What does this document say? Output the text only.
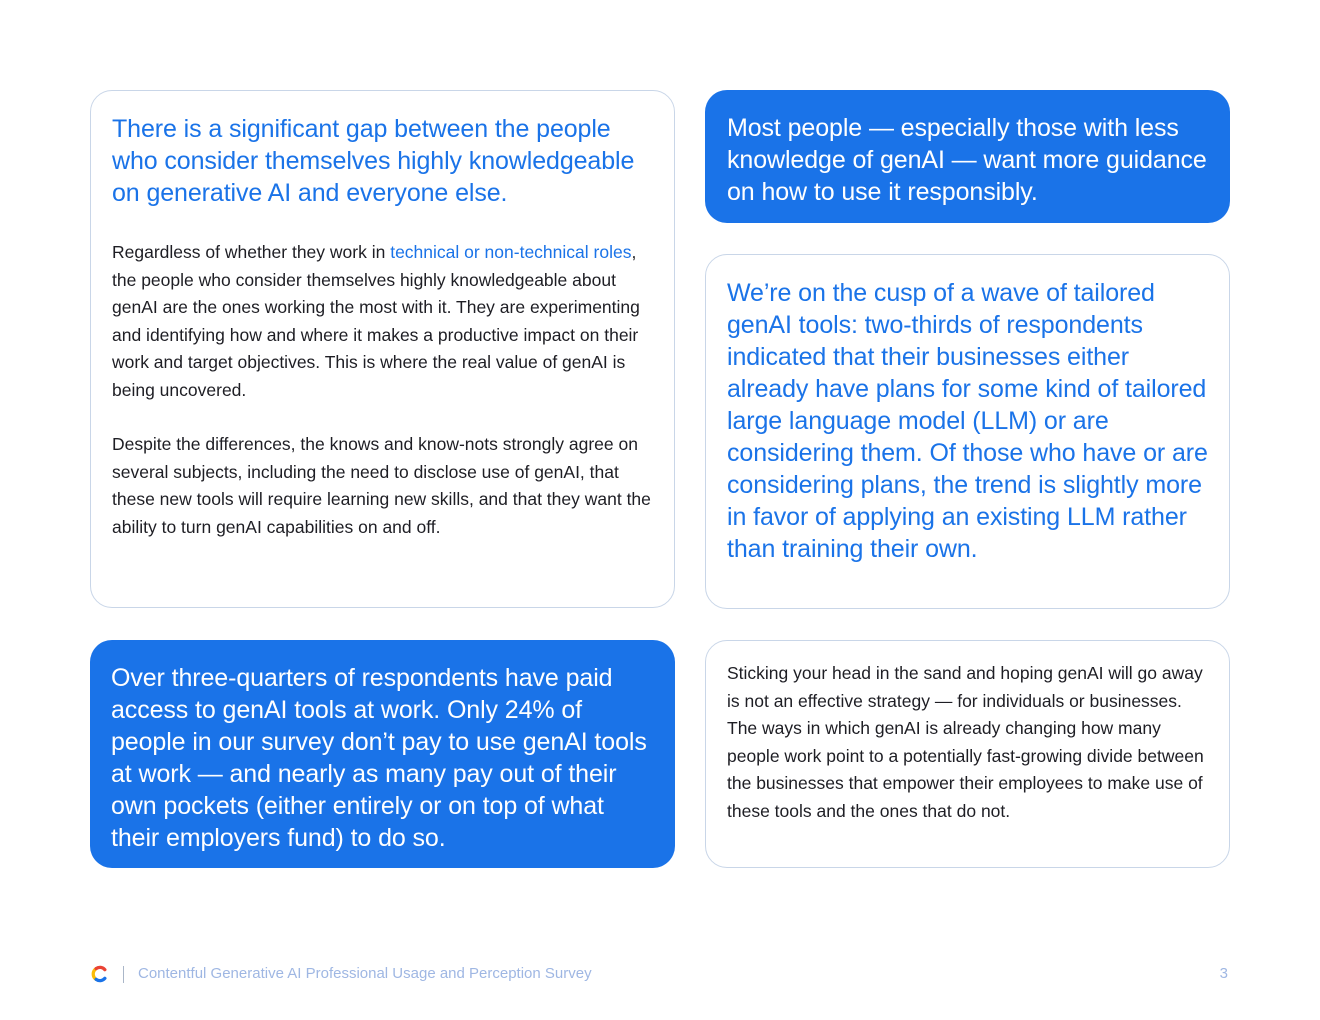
There is a significant gap between the people who consider themselves highly knowledgeable on generative AI and everyone else.

Regardless of whether they work in technical or non-technical roles, the people who consider themselves highly knowledgeable about genAI are the ones working the most with it. They are experimenting and identifying how and where it makes a productive impact on their work and target objectives. This is where the real value of genAI is being uncovered.

Despite the differences, the knows and know-nots strongly agree on several subjects, including the need to disclose use of genAI, that these new tools will require learning new skills, and that they want the ability to turn genAI capabilities on and off.

Most people — especially those with less knowledge of genAI — want more guidance on how to use it responsibly.

We’re on the cusp of a wave of tailored genAI tools: two-thirds of respondents indicated that their businesses either already have plans for some kind of tailored large language model (LLM) or are considering them. Of those who have or are considering plans, the trend is slightly more in favor of applying an existing LLM rather than training their own.

Over three-quarters of respondents have paid access to genAI tools at work. Only 24% of people in our survey don’t pay to use genAI tools at work — and nearly as many pay out of their own pockets (either entirely or on top of what their employers fund) to do so.

Sticking your head in the sand and hoping genAI will go away is not an effective strategy — for individuals or businesses. The ways in which genAI is already changing how many people work point to a potentially fast-growing divide between the businesses that empower their employees to make use of these tools and the ones that do not.

Contentful Generative AI Professional Usage and Perception Survey	3
